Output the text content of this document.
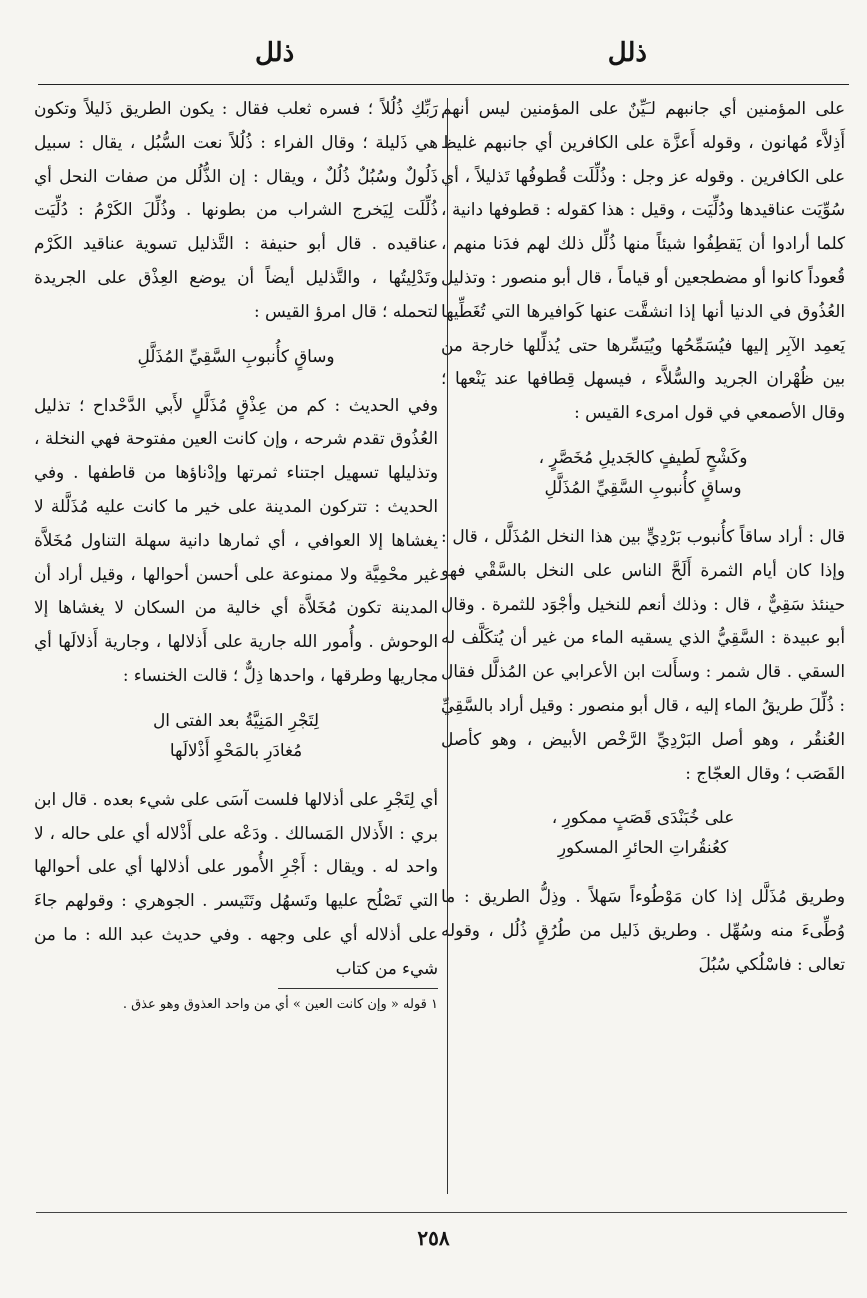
ذلل
ذلل

على المؤمنين أي جانبهم لـَيِّنٌ على المؤمنين ليس أنهم أَذِلاَّء مُهانون ، وقوله أَعزَّة على الكافرين أي جانبهم غليظ على الكافرين . وقوله عز وجل : وذُلِّلَت قُطوفُها تَذليلاً ، أي سُوِّيَت عناقيدها ودُلِّيَت ، وقيل : هذا كقوله : قطوفها دانية ، كلما أرادوا أن يَقطِفُوا شيئاً منها ذُلِّل ذلك لهم فدَنا منهم ، قُعوداً كانوا أو مضطجعين أو قياماً ، قال أبو منصور : وتذليل العُذُوق في الدنيا أنها إذا انشقَّت عنها كَوافيرها التي تُغَطِّيها يَعمِد الآبِر إليها فيُسَمِّحُها ويُيَسِّرها حتى يُذلِّلها خارجة من بين ظُهْران الجريد والسُّلاَّء ، فيسهل قِطافها عند يَنْعها ؛ وقال الأصمعي في قول امرىء القيس :

وكَشْحٍ لَطيفٍ كالجَديلِ مُخَصَّرٍ ،
وساقٍ كأُنبوبِ السَّقِيِّ المُذَلَّلِ

قال : أراد ساقاً كأُنبوب بَرْدِيٍّ بين هذا النخل المُذَلَّل ، قال : وإذا كان أيام الثمرة أَلَحَّ الناس على النخل بالسَّقْي فهو حينئذ سَقِيٌّ ، قال : وذلك أنعم للنخيل وأجْوَد للثمرة . وقال أبو عبيدة : السَّقِيُّ الذي يسقيه الماء من غير أن يُتكَلَّف له السقي . قال شمر : وسأَلت ابن الأعرابي عن المُذلَّل فقال : ذُلِّلَ طريقُ الماء إليه ، قال أبو منصور : وقيل أراد بالسَّقِيِّ العُنقُر ، وهو أصل البَرْدِيِّ الرَّخْص الأبيض ، وهو كأصل القَصَب ؛ وقال العجّاج :

على خُبَنْدَى قَصَبٍ ممكورِ ،
كعُنقُراتِ الحائرِ المسكورِ

وطريق مُذَلَّل إذا كان مَوْطُوءاً سَهلاً . وذِلُّ الطريق : ما وُطِّىءَ منه وسُهِّل . وطريق ذَليل من طُرُقٍ ذُلُل ، وقوله تعالى : فاسْلُكي سُبُلَ

رَبِّكِ ذُلُلاً ؛ فسره ثعلب فقال : يكون الطريق ذَليلاً وتكون هي ذَليلة ؛ وقال الفراء : ذُلُلاً نعت السُّبُل ، يقال : سبيل ذَلُولٌ وسُبُلٌ ذُلُلٌ ، ويقال : إن الذُّلُل من صفات النحل أي ذُلِّلَت لِيَخرج الشراب من بطونها . وذُلِّلَ الكَرْمُ : دُلِّيَت عناقيده . قال أبو حنيفة : التَّذليل تسوية عناقيد الكَرْم وتَدْلِيتُها ، والتَّذليل أيضاً أن يوضع العِذْق على الجريدة لتحمله ؛ قال امرؤ القيس :

وساقٍ كأُنبوبِ السَّقِيِّ المُذَلَّلِ

وفي الحديث : كم من عِذْقٍ مُذَلَّلٍ لأَبي الدَّحْداح ؛ تذليل العُذُوق تقدم شرحه ، وإن كانت العين مفتوحة فهي النخلة ، وتذليلها تسهيل اجتناء ثمرتها وإدْناؤها من قاطفها . وفي الحديث : تتركون المدينة على خير ما كانت عليه مُذَلَّلة لا يغشاها إلا العوافي ، أي ثمارها دانية سهلة التناول مُخَلاَّة غير محْمِيَّة ولا ممنوعة على أحسن أحوالها ، وقيل أراد أن المدينة تكون مُخَلاَّة أي خالية من السكان لا يغشاها إلا الوحوش . وأُمور الله جارية على أَذلالها ، وجارية أَذلالَها أي مجاريها وطرقها ، واحدها ذِلٌّ ؛ قالت الخنساء :

لِتَجْرِ المَنِيَّةُ بعد الفتى ال
مُغادَرِ بالمَحْوِ أَذْلالَها

أي لِتَجْرِ على أذلالها فلست آسَى على شيء بعده . قال ابن بري : الأَذلال المَسالك . ودَعْه على أَذْلاله أي على حاله ، لا واحد له . ويقال : أَجْرِ الأُمور على أذلالها أي على أحوالها التي تَصْلُح عليها وتَسهُل وتَتَيسر . الجوهري : وقولهم جاءَ على أذلاله أي على وجهه . وفي حديث عبد الله : ما من شيء من كتاب

١ قوله « وإن كانت العين » أي من واحد العذوق وهو عذق .

٢٥٨
